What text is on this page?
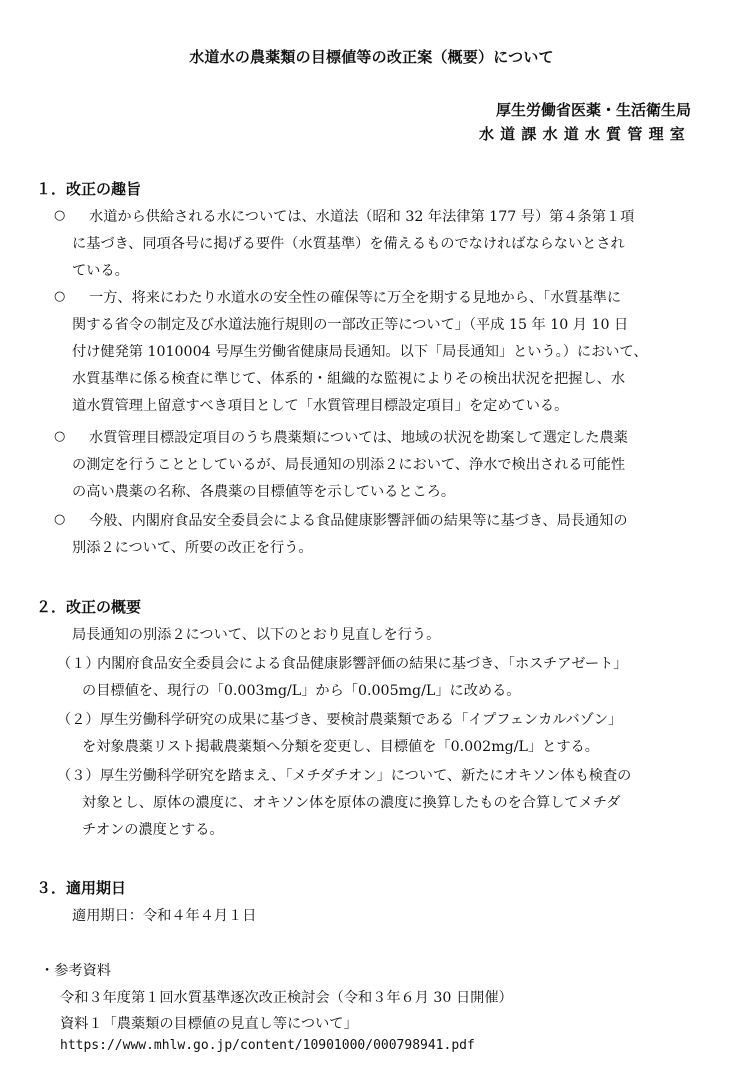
水道水の農薬類の目標値等の改正案（概要）について
厚生労働省医薬・生活衛生局
水道課水道水質管理室
１．改正の趣旨
○ 水道から供給される水については、水道法（昭和 32 年法律第 177 号）第４条第１項
に基づき、同項各号に掲げる要件（水質基準）を備えるものでなければならないとされ
ている。
○ 一方、将来にわたり水道水の安全性の確保等に万全を期する見地から、「水質基準に
関する省令の制定及び水道法施行規則の一部改正等について」（平成 15 年 10 月 10 日
付け健発第 1010004 号厚生労働省健康局長通知。以下「局長通知」という。）において、
水質基準に係る検査に準じて、体系的・組織的な監視によりその検出状況を把握し、水
道水質管理上留意すべき項目として「水質管理目標設定項目」を定めている。
○ 水質管理目標設定項目のうち農薬類については、地域の状況を勘案して選定した農薬
の測定を行うこととしているが、局長通知の別添２において、浄水で検出される可能性
の高い農薬の名称、各農薬の目標値等を示しているところ。
○ 今般、内閣府食品安全委員会による食品健康影響評価の結果等に基づき、局長通知の
別添２について、所要の改正を行う。
２．改正の概要
局長通知の別添２について、以下のとおり見直しを行う。
（１）
内閣府食品安全委員会による食品健康影響評価の結果に基づき、「ホスチアゼート」
の目標値を、現行の「0.003mg/L」から「0.005mg/L」に改める。
（２） 厚生労働科学研究の成果に基づき、要検討農薬類である「イプフェンカルバゾン」
を対象農薬リスト掲載農薬類へ分類を変更し、目標値を「0.002mg/L」とする。
（３） 厚生労働科学研究を踏まえ、「メチダチオン」について、新たにオキソン体も検査の
対象とし、原体の濃度に、オキソン体を原体の濃度に換算したものを合算してメチダ
チオンの濃度とする。
３．適用期日
適用期日：令和４年４月１日
・参考資料
令和３年度第１回水質基準逐次改正検討会（令和３年６月 30 日開催）
資料１「農薬類の目標値の見直し等について」
https://www.mhlw.go.jp/content/10901000/000798941.pdf
